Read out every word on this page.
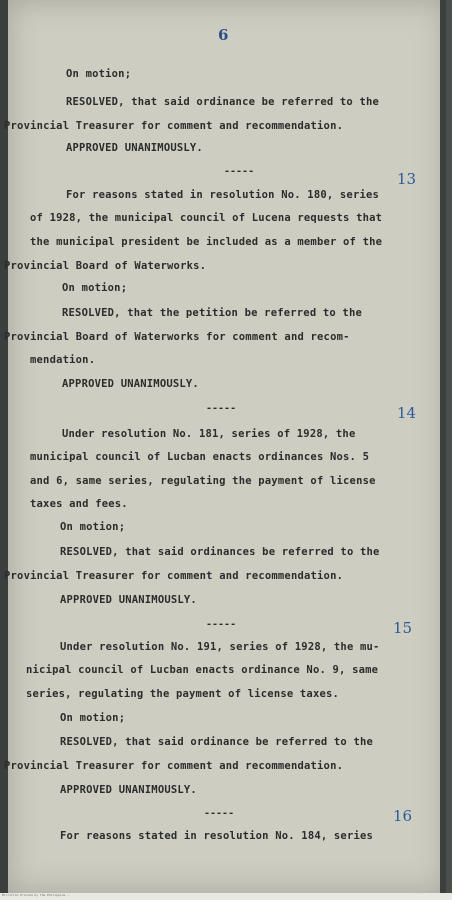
6
On motion;
RESOLVED, that said ordinance be referred to the
Provincial Treasurer for comment and recommendation.
APPROVED UNANIMOUSLY.
-----	13
For reasons stated in resolution No. 180, series
of 1928, the municipal council of Lucena requests that
the municipal president be included as a member of the
Provincial Board of Waterworks.
On motion;
RESOLVED, that the petition be referred to the
Provincial Board of Waterworks for comment and recom-
mendation.
APPROVED UNANIMOUSLY.
-----	14
Under resolution No. 181, series of 1928, the
municipal council of Lucban enacts ordinances Nos. 5
and 6, same series, regulating the payment of license
taxes and fees.
On motion;
RESOLVED, that said ordinances be referred to the
Provincial Treasurer for comment and recommendation.
APPROVED UNANIMOUSLY.
-----	15
Under resolution No. 191, series of 1928, the mu-
nicipal council of Lucban enacts ordinance No. 9, same
series, regulating the payment of license taxes.
On motion;
RESOLVED, that said ordinance be referred to the
Provincial Treasurer for comment and recommendation.
APPROVED UNANIMOUSLY.
-----	16
For reasons stated in resolution No. 184, series
Microfilm Printed by the Philippine...
